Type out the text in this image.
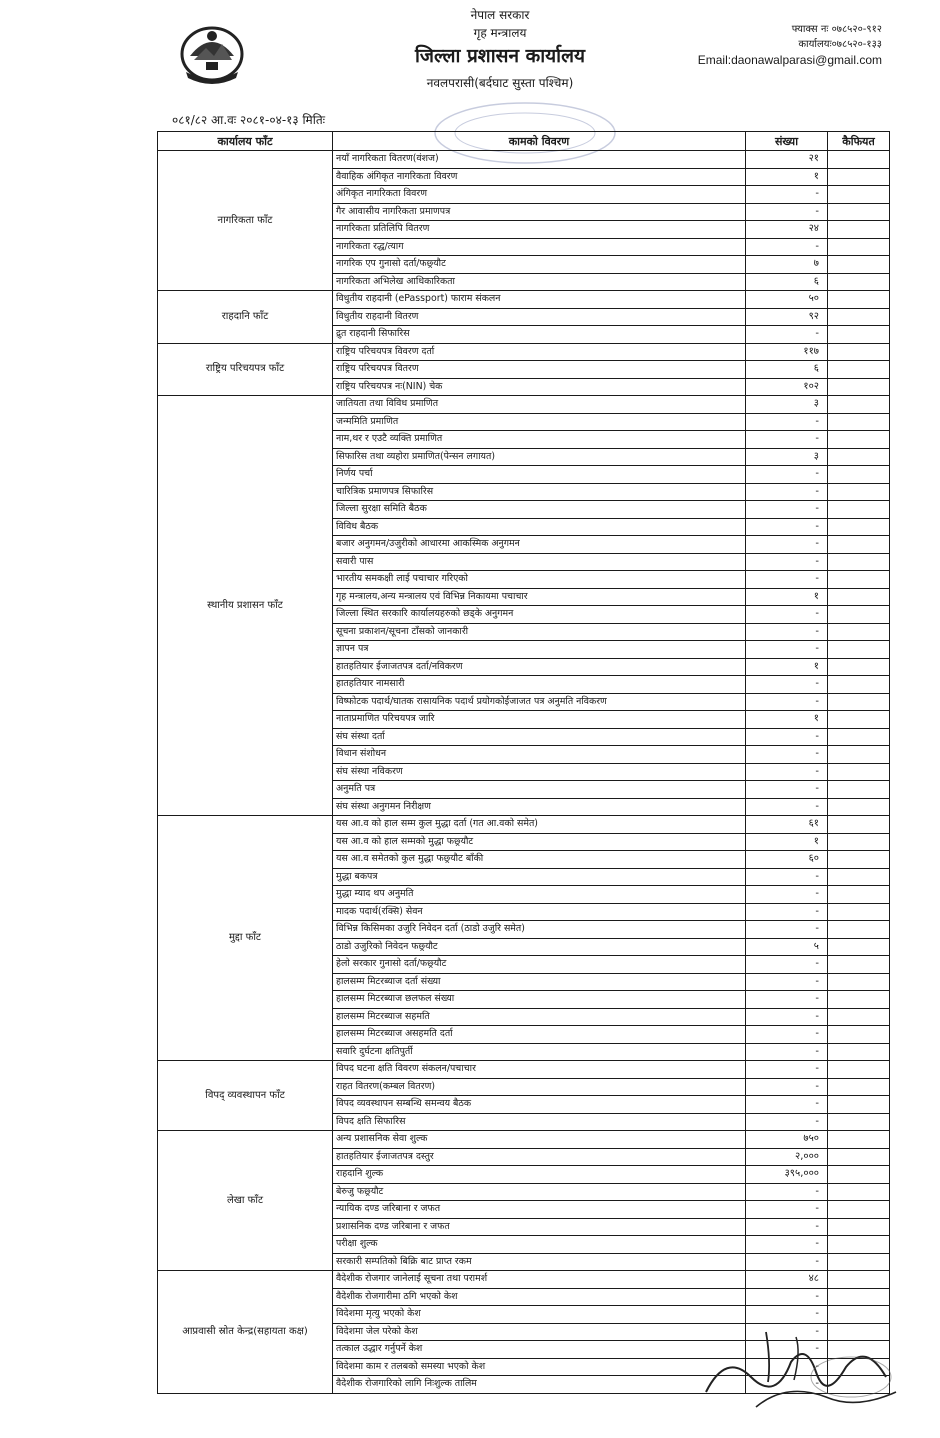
नेपाल सरकार
गृह मन्त्रालय
जिल्ला प्रशासन कार्यालय
नवलपरासी(बर्दघाट सुस्ता पश्चिम)
फ्याक्स नः ०७८५२०-९१२
कार्यालयः०७८५२०-१३३
Email:daonawalparasi@gmail.com
०८१/८२ आ.वः २०८१-०४-१३ मितिः
कार्यालय फाँट	कामको विवरण	संख्या	कैफियत
नागरिकता फाँट	नयाँ नागरिकता वितरण(वंशज)	२१	
	वैवाहिक अंगिकृत नागरिकता विवरण	१	
	अंगिकृत नागरिकता विवरण	-	
	गैर आवासीय नागरिकता प्रमाणपत्र	-	
	नागरिकता प्रतिलिपि वितरण	२४	
	नागरिकता रद्ध/त्याग	-	
	नागरिक एप गुनासो दर्ता/फछ्र्यौट	७	
	नागरिकता अभिलेख आधिकारिकता	६	
राहदानि फाँट	विधुतीय राहदानी (ePassport) फाराम संकलन	५०	
	विधुतीय राहदानी वितरण	९२	
	द्रुत राहदानी सिफारिस	-	
राष्ट्रिय परिचयपत्र फाँट	राष्ट्रिय परिचयपत्र विवरण दर्ता	११७	
	राष्ट्रिय परिचयपत्र वितरण	६	
	राष्ट्रिय परिचयपत्र नः(NIN) चेक	१०२	
स्थानीय प्रशासन फाँट	जातियता तथा विविध प्रमाणित	३	
	जन्ममिति प्रमाणित	-	
	नाम,थर र एउटै व्यक्ति प्रमाणित	-	
	सिफारिस तथा व्यहोरा प्रमाणित(पेन्सन लगायत)	३	
	निर्णय पर्चा	-	
	चारित्रिक प्रमाणपत्र सिफारिस	-	
	जिल्ला सुरक्षा समिति बैठक	-	
	विविध बैठक	-	
	बजार अनुगमन/उजुरीको आधारमा आकस्मिक अनुगमन	-	
	सवारी पास	-	
	भारतीय समकक्षी लाई पचाचार गरिएको	-	
	गृह मन्त्रालय,अन्य मन्त्रालय एवं विभिन्न निकायमा पचाचार	१	
	जिल्ला स्थित सरकारि कार्यालयहरुको छड्के अनुगमन	-	
	सूचना प्रकाशन/सूचना टाँसको जानकारी	-	
	ज्ञापन पत्र	-	
	हातहतियार ईजाजतपत्र दर्ता/नविकरण	१	
	हातहतियार नामसारी	-	
	विष्फोटक पदार्थ/घातक रासायनिक पदार्थ प्रयोगकोईजाजत पत्र अनुमति नविकरण	-	
	नाताप्रमाणित परिचयपत्र जारि	१	
	संघ संस्था दर्ता	-	
	विधान संशोधन	-	
	संघ संस्था नविकरण	-	
	अनुमति पत्र	-	
	संघ संस्था अनुगमन निरीक्षण	-	
मुद्दा फाँट	यस आ.व को हाल सम्म कुल मुद्धा दर्ता (गत आ.वको समेत)	६१	
	यस आ.व को हाल सम्मको मुद्धा फछ्र्यौट	१	
	यस आ.व समेतको कुल मुद्धा फछ्र्यौट बाँकी	६०	
	मुद्धा बकपत्र	-	
	मुद्धा म्याद थप अनुमति	-	
	मादक पदार्थ(रक्सि) सेवन	-	
	विभिन्न किसिमका उजुरि निवेदन दर्ता (ठाडो उजुरि समेत)	-	
	ठाडो उजुरिको निवेदन फछ्र्यौट	५	
	हेलो सरकार गुनासो दर्ता/फछ्र्यौट	-	
	हालसम्म मिटरब्याज दर्ता संख्या	-	
	हालसम्म मिटरब्याज छलफल संख्या	-	
	हालसम्म मिटरब्याज सहमति	-	
	हालसम्म मिटरब्याज असहमति दर्ता	-	
	सवारि दुर्घटना क्षतिपुर्ती	-	
विपद् व्यवस्थापन फाँट	विपद घटना क्षति विवरण संकलन/पचाचार	-	
	राहत वितरण(कम्बल वितरण)	-	
	विपद व्यवस्थापन सम्बन्धि समन्वय बैठक	-	
	विपद क्षति सिफारिस	-	
लेखा फाँट	अन्य प्रशासनिक सेवा शुल्क	७५०	
	हातहतियार ईजाजतपत्र दस्तुर	२,०००	
	राहदानि शुल्क	३९५,०००	
	बेरुजु फछ्र्यौट	-	
	न्यायिक दण्ड जरिबाना र जफत	-	
	प्रशासनिक दण्ड जरिबाना र जफत	-	
	परीक्षा शुल्क	-	
	सरकारी सम्पतिको बिक्रि बाट प्राप्त रकम	-	
आप्रवासी स्रोत केन्द्र(सहायता कक्ष)	वैदेशीक रोजगार जानेलाई सूचना तथा परामर्श	४८	
	वैदेशीक रोजगारीमा ठगि भएको केश	-	
	विदेशमा मृत्यु भएको केश	-	
	विदेशमा जेल परेको केश	-	
	तत्काल उद्धार गर्नुपर्ने केश	-	
	विदेशमा काम र तलबको समस्या भएको केश	-	
	वैदेशीक रोजगारिको लागि निःशुल्क तालिम	-	
